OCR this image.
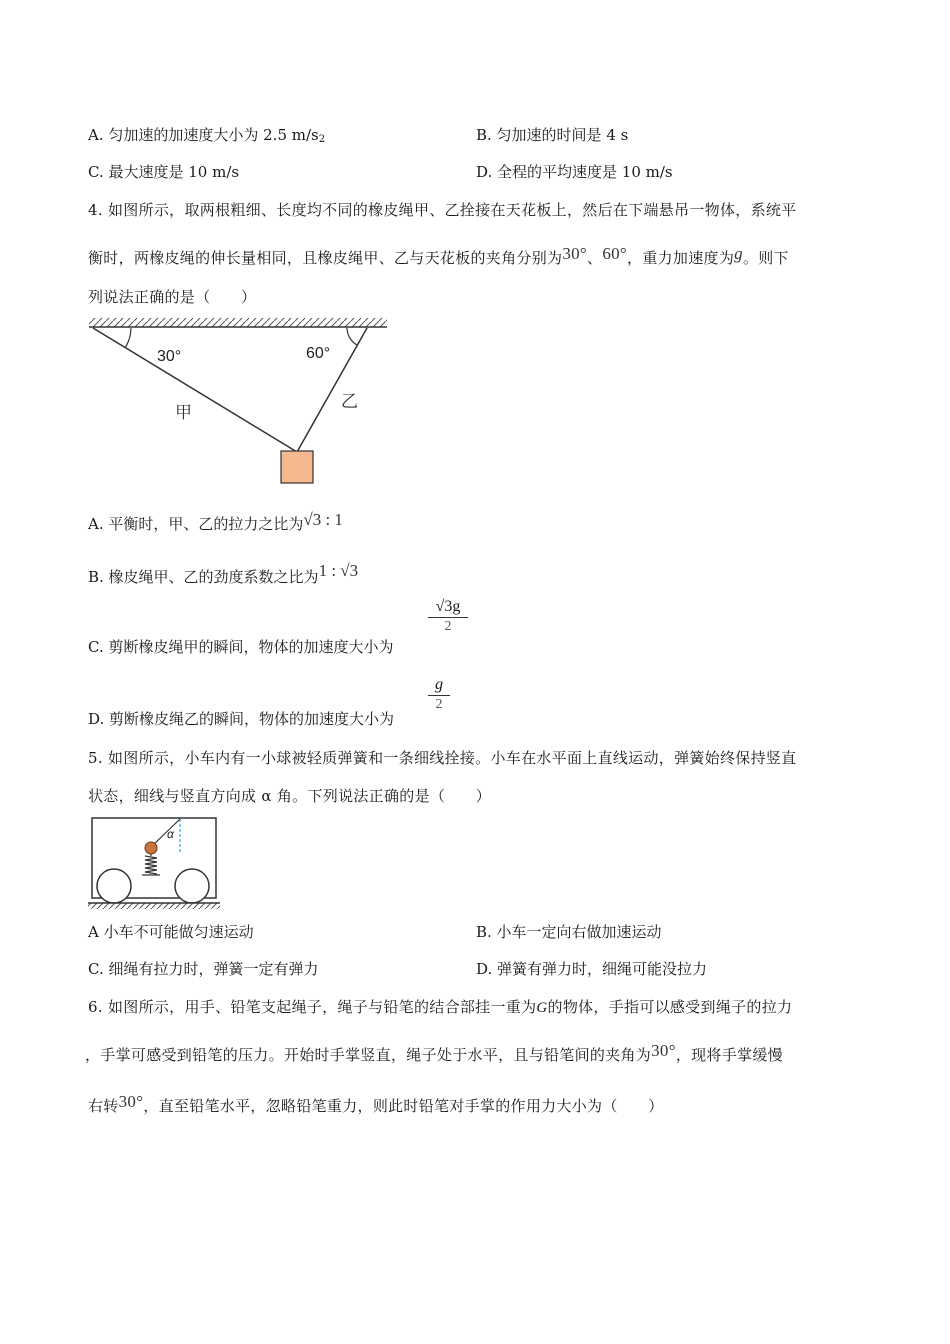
A. 匀加速的加速度大小为 2.5 m/s2	B. 匀加速的时间是 4 s
C. 最大速度是 10 m/s	D. 全程的平均速度是 10 m/s
4. 如图所示，取两根粗细、长度均不同的橡皮绳甲、乙拴接在天花板上，然后在下端悬吊一物体，系统平
衡时，两橡皮绳的伸长量相同，且橡皮绳甲、乙与天花板的夹角分别为30°、60°，重力加速度为g。则下
列说法正确的是（　　）
30°	60°
甲
乙
A. 平衡时，甲、乙的拉力之比为√3 : 1
B. 橡皮绳甲、乙的劲度系数之比为1 : √3
C. 剪断橡皮绳甲的瞬间，物体的加速度大小为
√3g
2
D. 剪断橡皮绳乙的瞬间，物体的加速度大小为
g
2
5. 如图所示，小车内有一小球被轻质弹簧和一条细线拴接。小车在水平面上直线运动，弹簧始终保持竖直
状态，细线与竖直方向成 α 角。下列说法正确的是（　　）
α
A 小车不可能做匀速运动	B. 小车一定向右做加速运动
C. 细绳有拉力时，弹簧一定有弹力	D. 弹簧有弹力时，细绳可能没拉力
6. 如图所示，用手、铅笔支起绳子，绳子与铅笔的结合部挂一重为G的物体，手指可以感受到绳子的拉力
，手掌可感受到铅笔的压力。开始时手掌竖直，绳子处于水平，且与铅笔间的夹角为30°，现将手掌缓慢
右转30°，直至铅笔水平，忽略铅笔重力，则此时铅笔对手掌的作用力大小为（　　）
